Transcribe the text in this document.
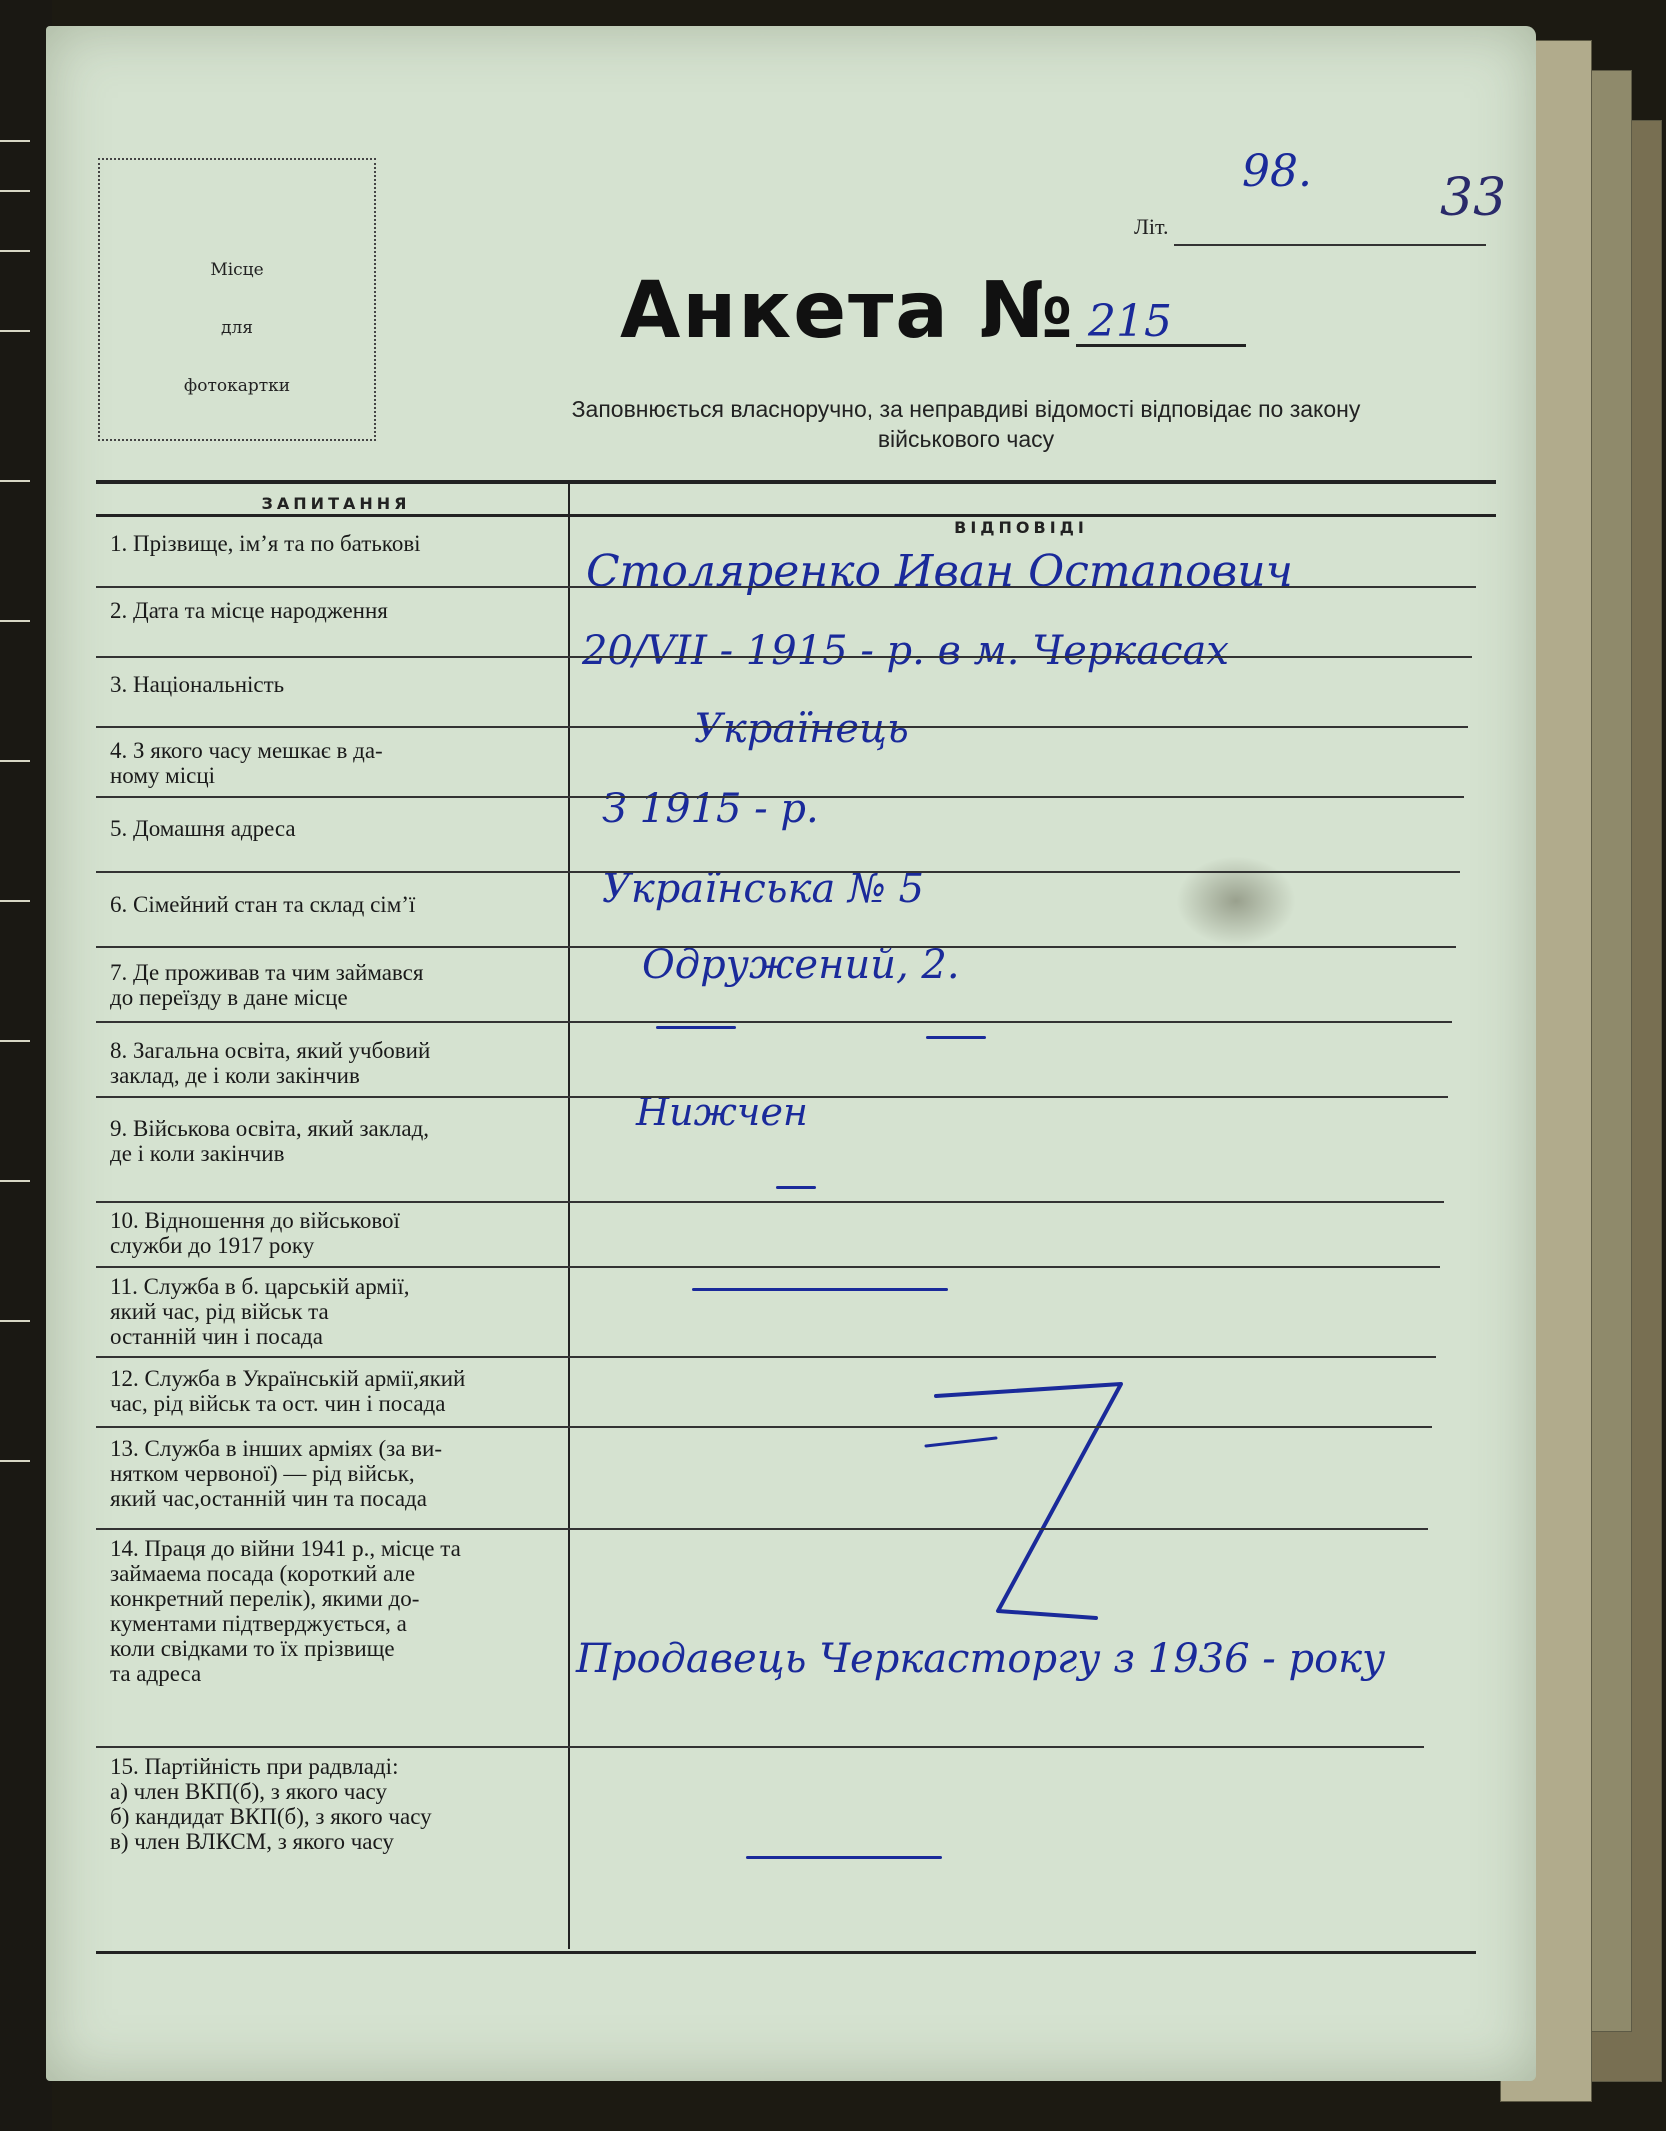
Місце
для
фотокартки
Літ.
98. 33
Анкета № 215
Заповнюється власноручно, за неправдиві відомості відповідає по закону
військового часу
ЗАПИТАННЯ
ВІДПОВІДІ
1. Прізвище, ім’я та по батькові
2. Дата та місце народження
3. Національність
4. З якого часу мешкає в да-
ному місці
5. Домашня адреса
6. Сімейний стан та склад сім’ї
7. Де проживав та чим займався
до переїзду в дане місце
8. Загальна освіта, який учбовий
заклад, де і коли закінчив
9. Військова освіта, який заклад,
де і коли закінчив
10. Відношення до військової
служби до 1917 року
11. Служба в б. царській армії,
який час, рід військ та
останній чин і посада
12. Служба в Українській армії,який
час, рід військ та ост. чин і посада
13. Служба в інших арміях (за ви-
нятком червоної) — рід військ,
який час,останній чин та посада
14. Праця до війни 1941 р., місце та
займаема посада (короткий але
конкретний перелік), якими до-
кументами підтверджується, а
коли свідками то їх прізвище
та адреса
15. Партійність при радвладі:
а) член ВКП(б), з якого часу
б) кандидат ВКП(б), з якого часу
в) член ВЛКСМ, з якого часу
Столяренко Иван Остапович
20/VII - 1915 - р. в м. Черкасах
Українець
З 1915 - р.
Українська № 5
Одружений, 2.
Нижчен
Продавець Черкасторгу з 1936 - року
